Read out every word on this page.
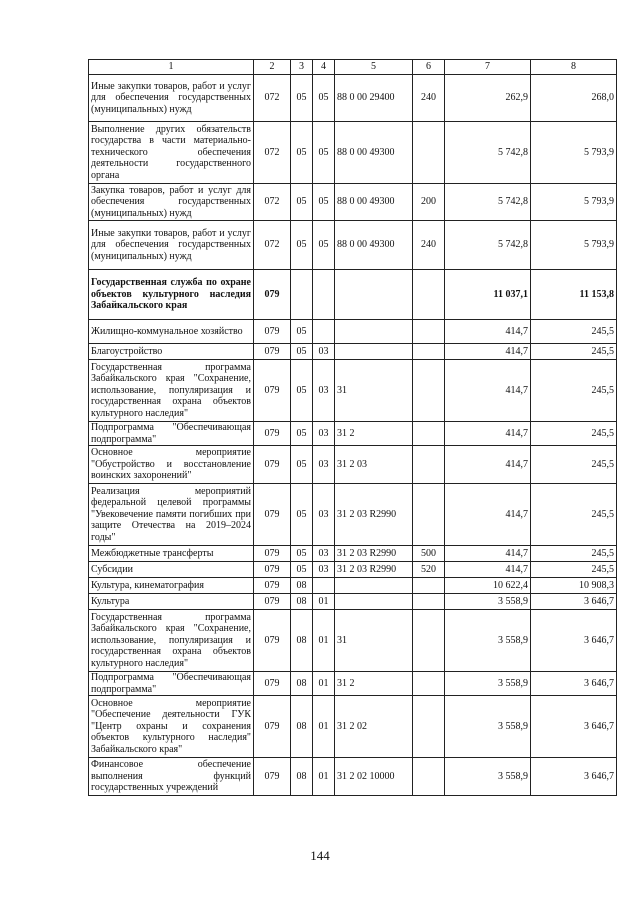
1	2	3	4	5	6	7	8
Иные закупки товаров, работ и услуг для обеспечения государственных (муниципальных) нужд	072	05	05	88 0 00 29400	240	262,9	268,0
Выполнение других обязательств государства в части материально-технического обеспечения деятельности государственного органа	072	05	05	88 0 00 49300		5 742,8	5 793,9
Закупка товаров, работ и услуг для обеспечения государственных (муниципальных) нужд	072	05	05	88 0 00 49300	200	5 742,8	5 793,9
Иные закупки товаров, работ и услуг для обеспечения государственных (муниципальных) нужд	072	05	05	88 0 00 49300	240	5 742,8	5 793,9
Государственная служба по охране объектов культурного наследия Забайкальского края	079					11 037,1	11 153,8
Жилищно-коммунальное хозяйство	079	05				414,7	245,5
Благоустройство	079	05	03			414,7	245,5
Государственная программа Забайкальского края "Сохранение, использование, популяризация и государственная охрана объектов культурного наследия"	079	05	03	31		414,7	245,5
Подпрограмма "Обеспечивающая подпрограмма"	079	05	03	31 2		414,7	245,5
Основное мероприятие "Обустройство и восстановление воинских захоронений"	079	05	03	31 2 03		414,7	245,5
Реализация мероприятий федеральной целевой программы "Увековечение памяти погибших при защите Отечества на 2019–2024 годы"	079	05	03	31 2 03 R2990		414,7	245,5
Межбюджетные трансферты	079	05	03	31 2 03 R2990	500	414,7	245,5
Субсидии	079	05	03	31 2 03 R2990	520	414,7	245,5
Культура, кинематография	079	08				10 622,4	10 908,3
Культура	079	08	01			3 558,9	3 646,7
Государственная программа Забайкальского края "Сохранение, использование, популяризация и государственная охрана объектов культурного наследия"	079	08	01	31		3 558,9	3 646,7
Подпрограмма "Обеспечивающая подпрограмма"	079	08	01	31 2		3 558,9	3 646,7
Основное мероприятие "Обеспечение деятельности ГУК "Центр охраны и сохранения объектов культурного наследия" Забайкальского края"	079	08	01	31 2 02		3 558,9	3 646,7
Финансовое обеспечение выполнения функций государственных учреждений	079	08	01	31 2 02 10000		3 558,9	3 646,7
144
